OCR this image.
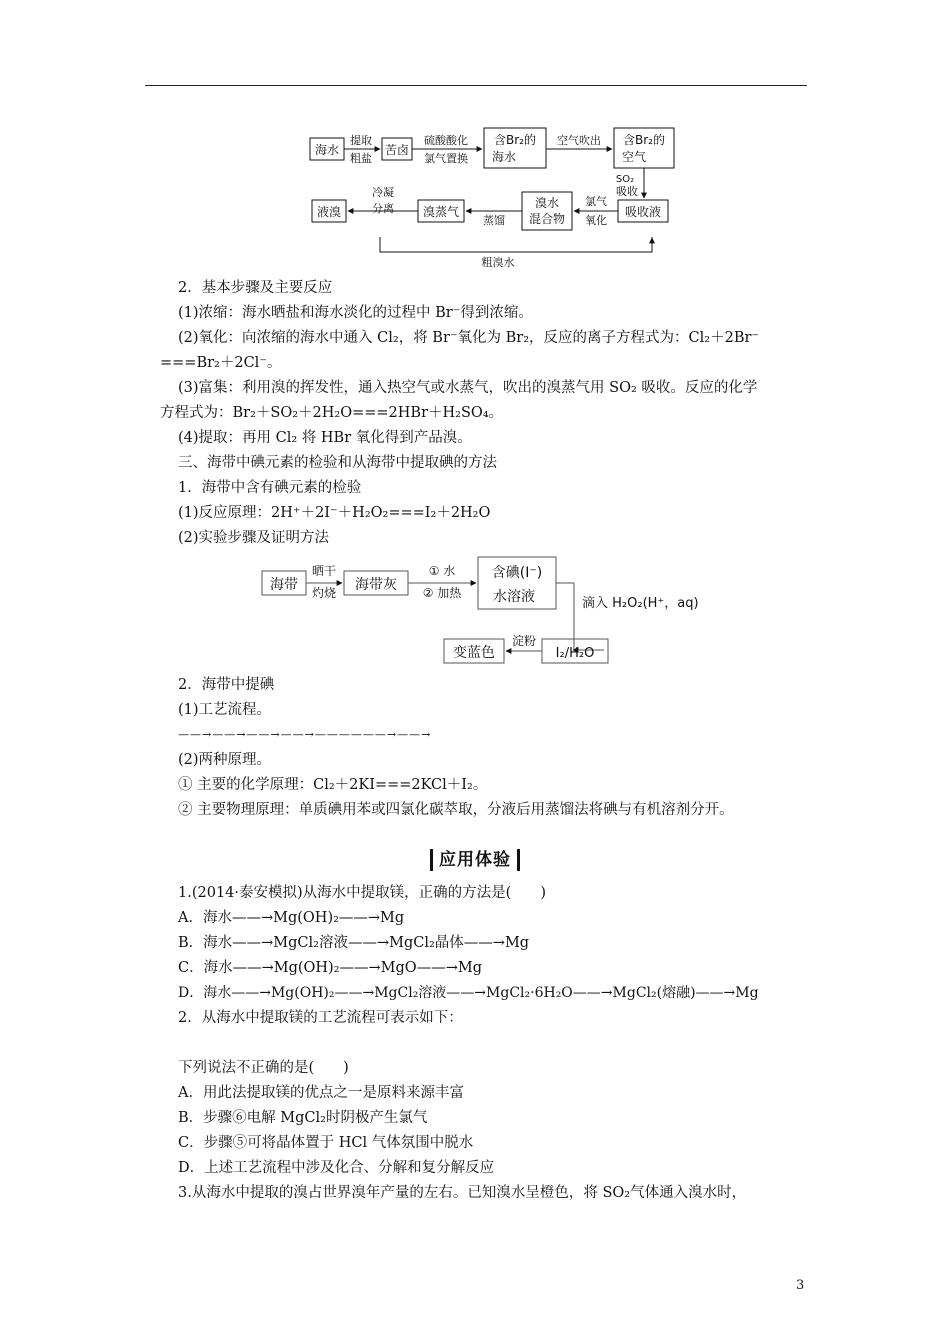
海水	苦卤
含Br₂的
海水
含Br₂的
空气
提取
粗盐
硫酸酸化
氯气置换
空气吹出
SO₂
吸收
吸收液
溴水
混合物
溴蒸气
液溴
氯气
氧化
蒸馏
冷凝
分离
粗溴水
2．基本步骤及主要反应
(1)浓缩：海水晒盐和海水淡化的过程中 Br⁻得到浓缩。
(2)氧化：向浓缩的海水中通入 Cl₂，将 Br⁻氧化为 Br₂，反应的离子方程式为：Cl₂＋2Br⁻
===Br₂＋2Cl⁻。
(3)富集：利用溴的挥发性，通入热空气或水蒸气，吹出的溴蒸气用 SO₂ 吸收。反应的化学
方程式为：Br₂＋SO₂＋2H₂O===2HBr＋H₂SO₄。
(4)提取：再用 Cl₂ 将 HBr 氧化得到产品溴。
三、海带中碘元素的检验和从海带中提取碘的方法
1．海带中含有碘元素的检验
(1)反应原理：2H⁺＋2I⁻＋H₂O₂===I₂＋2H₂O
(2)实验步骤及证明方法
海带
晒干
灼烧 海带灰
① 水
② 加热
含碘(I⁻)
水溶液	滴入 H₂O₂(H⁺，aq)
I₂/H₂O
淀粉
变蓝色
2．海带中提碘
(1)工艺流程。
——→——→——→——→——————→——→
(2)两种原理。
① 主要的化学原理：Cl₂＋2KI===2KCl＋I₂。
② 主要物理原理：单质碘用苯或四氯化碳萃取，分液后用蒸馏法将碘与有机溶剂分开。
应用体验
1.(2014·泰安模拟)从海水中提取镁，正确的方法是(　　)
A．海水——→Mg(OH)₂——→Mg
B．海水——→MgCl₂溶液——→MgCl₂晶体——→Mg
C．海水——→Mg(OH)₂——→MgO——→Mg
D．海水——→Mg(OH)₂——→MgCl₂溶液——→MgCl₂·6H₂O——→MgCl₂(熔融)——→Mg
2．从海水中提取镁的工艺流程可表示如下：
下列说法不正确的是(　　)
A．用此法提取镁的优点之一是原料来源丰富
B．步骤⑥电解 MgCl₂时阴极产生氯气
C．步骤⑤可将晶体置于 HCl 气体氛围中脱水
D．上述工艺流程中涉及化合、分解和复分解反应
3.从海水中提取的溴占世界溴年产量的左右。已知溴水呈橙色，将 SO₂气体通入溴水时，
3
